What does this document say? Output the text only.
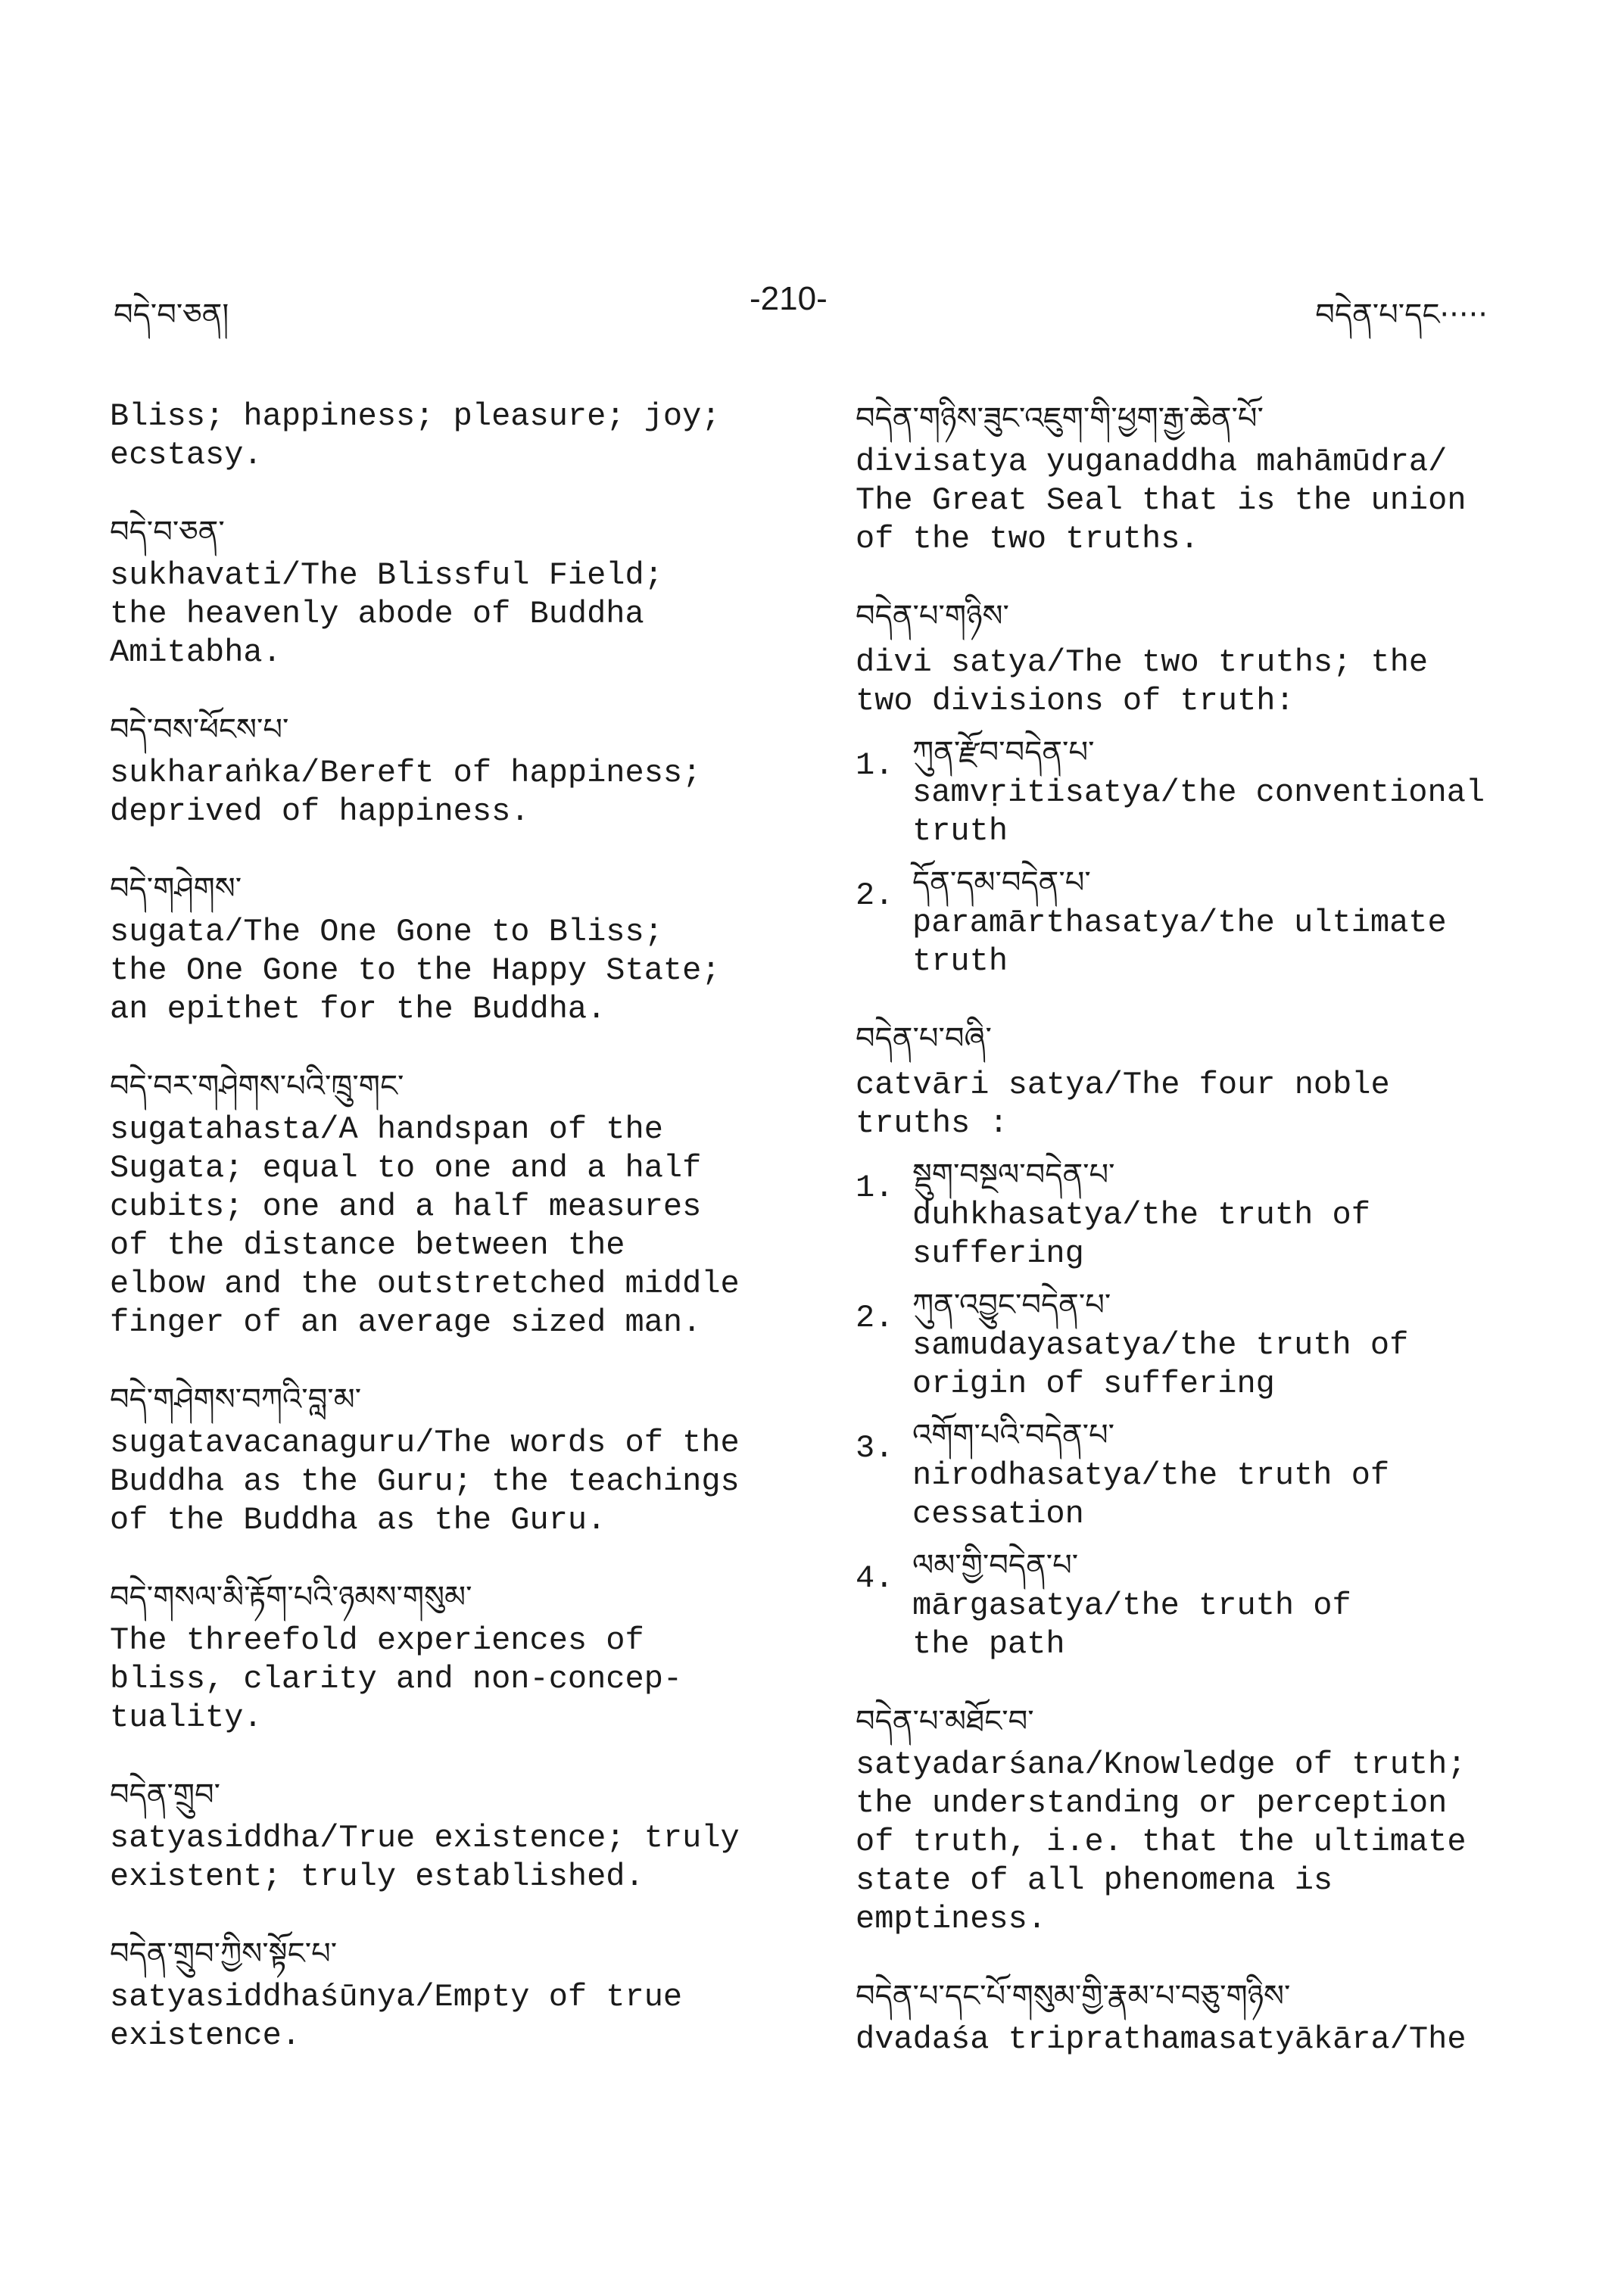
བདེ་བ་ཅན།	-210-	བདེན་པ་དང·····
Bliss; happiness; pleasure; joy;
ecstasy.
བདེ་བ་ཅན་
sukhavati/The Blissful Field;
the heavenly abode of Buddha
Amitabha.
བདེ་བས་ཕོངས་པ་
sukharaṅka/Bereft of happiness;
deprived of happiness.
བདེ་གཤེགས་
sugata/The One Gone to Bliss;
the One Gone to the Happy State;
an epithet for the Buddha.
བདེ་བར་གཤེགས་པའི་ཁྲུ་གང་
sugatahasta/A handspan of the
Sugata; equal to one and a half
cubits; one and a half measures
of the distance between the
elbow and the outstretched middle
finger of an average sized man.
བདེ་གཤེགས་བཀའི་བླ་མ་
sugatavacanaguru/The words of the
Buddha as the Guru; the teachings
of the Buddha as the Guru.
བདེ་གསལ་མི་རྟོག་པའི་ཉམས་གསུམ་
The threefold experiences of
bliss, clarity and non-concep-
tuality.
བདེན་གྲུབ་
satyasiddha/True existence; truly
existent; truly established.
བདེན་གྲུབ་ཀྱིས་སྟོང་པ་
satyasiddhaśūnya/Empty of true
existence.
བདེན་གཉིས་ཟུང་འཇུག་གི་ཕྱག་རྒྱ་ཆེན་པོ་
divisatya yuganaddha mahāmūdra/
The Great Seal that is the union
of the two truths.
བདེན་པ་གཉིས་
divi satya/The two truths; the
two divisions of truth:
1. ཀུན་རྫོབ་བདེན་པ་
samvṛitisatya/the conventional
truth
2. དོན་དམ་བདེན་པ་
paramārthasatya/the ultimate
truth
བདེན་པ་བཞི་
catvāri satya/The four noble
truths :
1. སྡུག་བསྔལ་བདེན་པ་
duhkhasatya/the truth of
suffering
2. ཀུན་འབྱུང་བདེན་པ་
samudayasatya/the truth of
origin of suffering
3. འགོག་པའི་བདེན་པ་
nirodhasatya/the truth of
cessation
4. ལམ་གྱི་བདེན་པ་
mārgasatya/the truth of
the path
བདེན་པ་མཐོང་བ་
satyadarśana/Knowledge of truth;
the understanding or perception
of truth, i.e. that the ultimate
state of all phenomena is
emptiness.
བདེན་པ་དང་པོ་གསུམ་གྱི་རྣམ་པ་བཅུ་གཉིས་
dvadaśa triprathamasatyākāra/The
